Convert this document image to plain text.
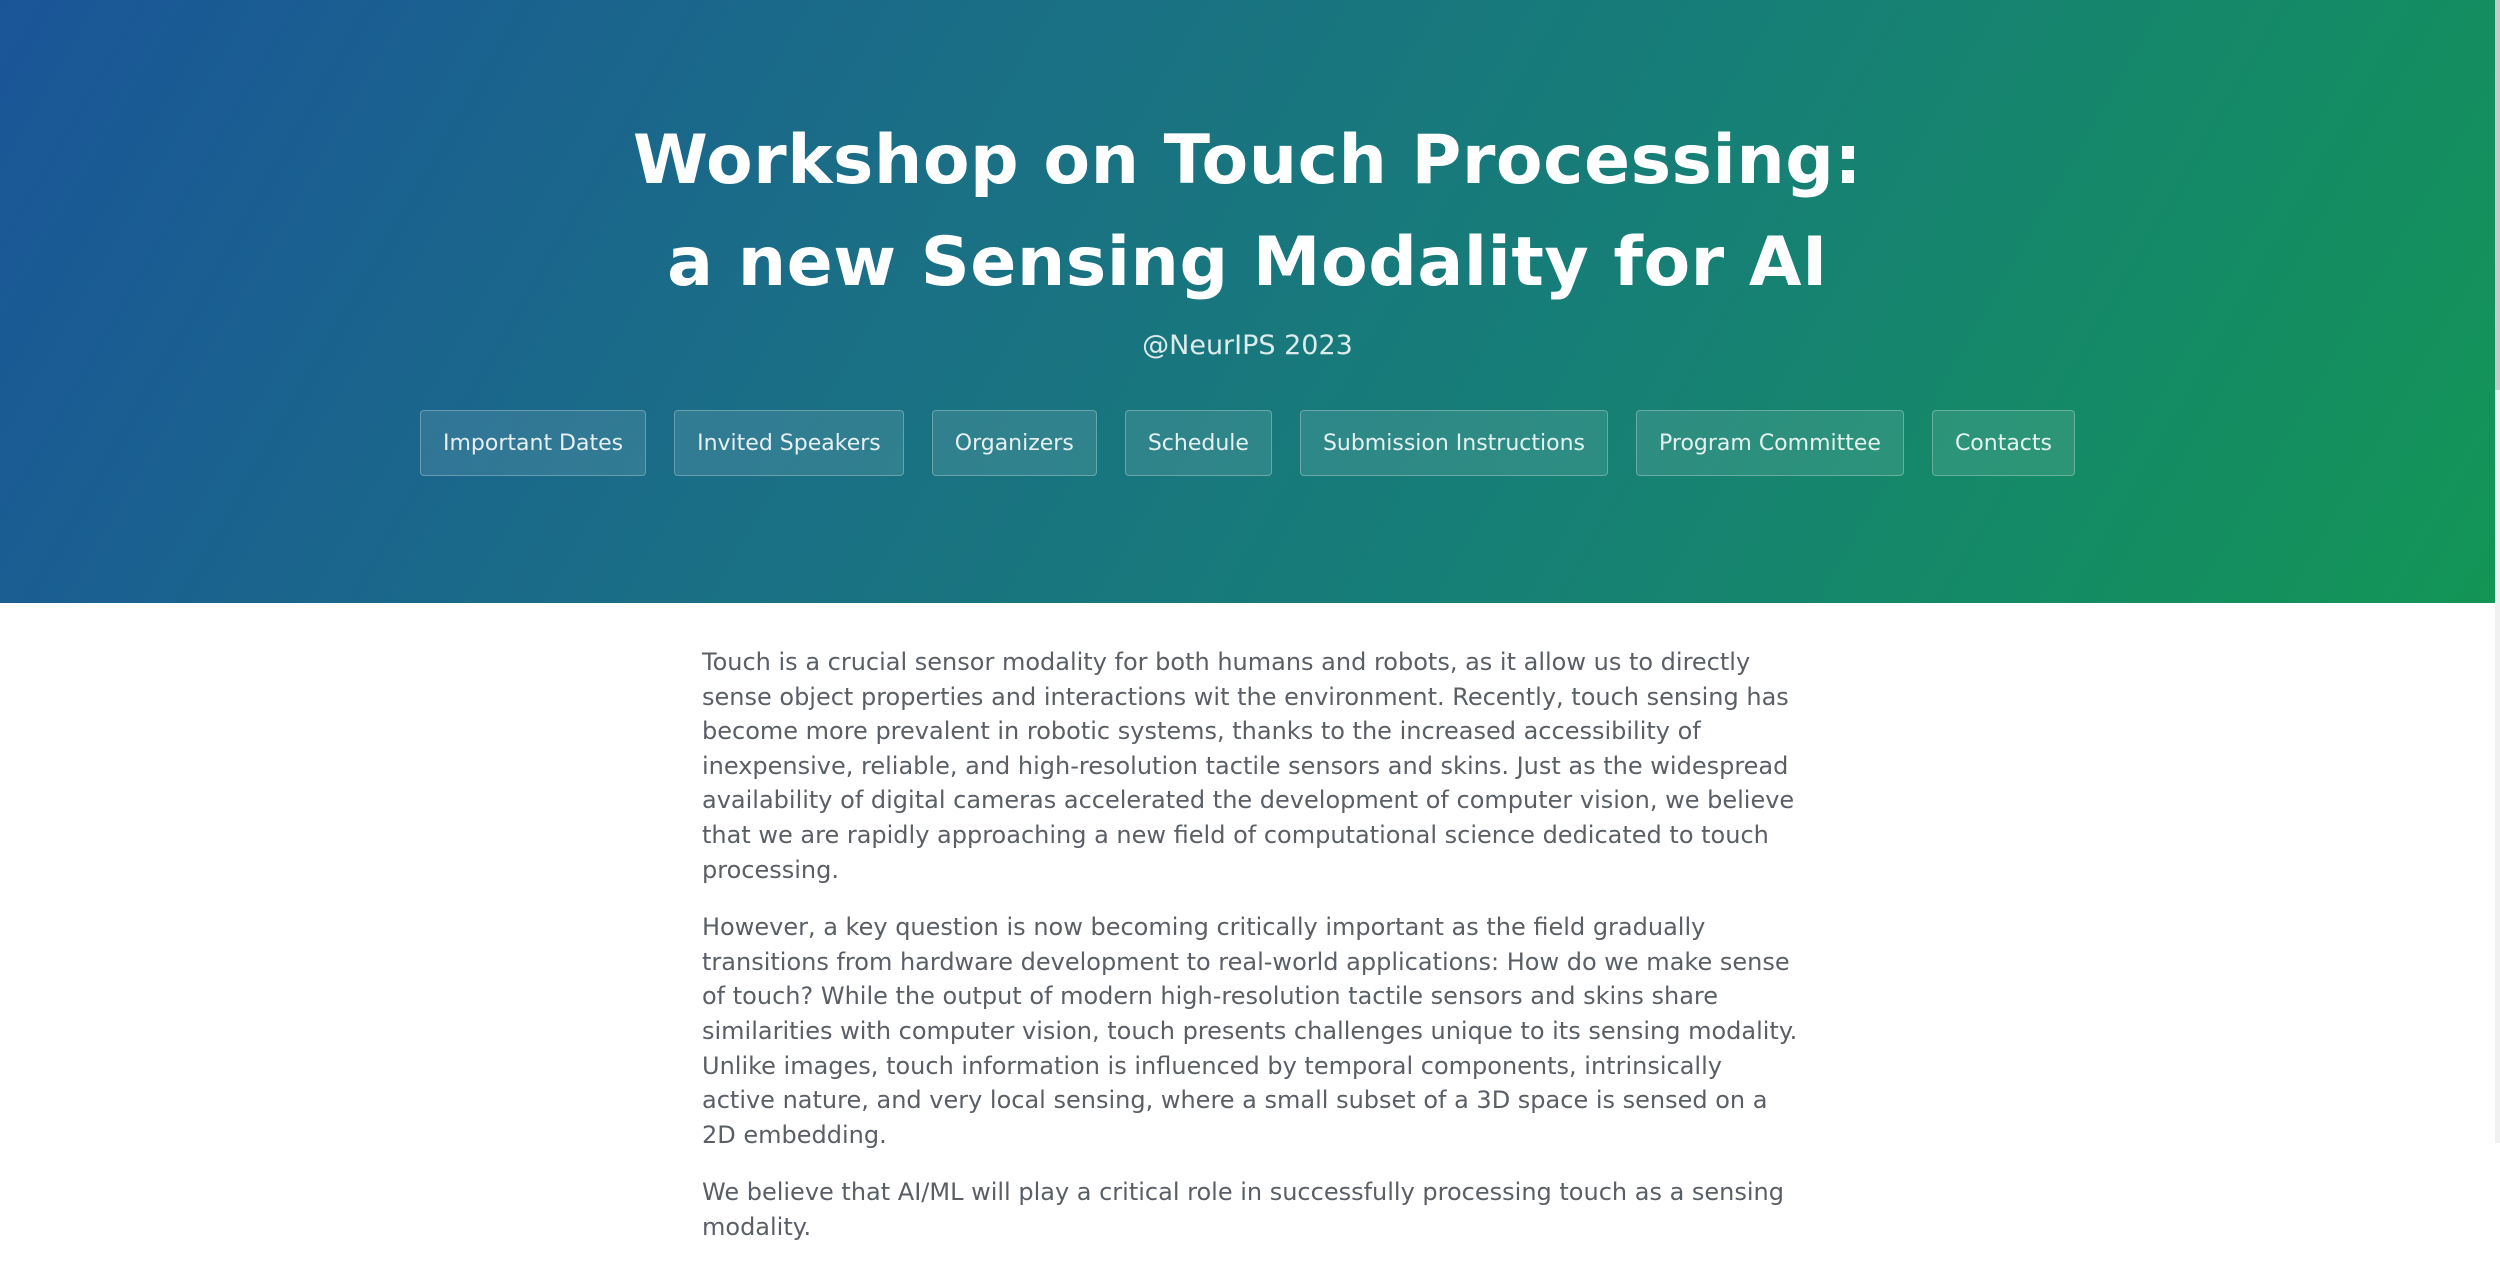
Workshop on Touch Processing:
a new Sensing Modality for AI
@NeurIPS 2023
Important Dates	Invited Speakers	Organizers	Schedule	Submission Instructions	Program Committee	Contacts

Touch is a crucial sensor modality for both humans and robots, as it allow us to directly sense object properties and interactions wit the environment. Recently, touch sensing has become more prevalent in robotic systems, thanks to the increased accessibility of inexpensive, reliable, and high-resolution tactile sensors and skins. Just as the widespread availability of digital cameras accelerated the development of computer vision, we believe that we are rapidly approaching a new field of computational science dedicated to touch processing.

However, a key question is now becoming critically important as the field gradually transitions from hardware development to real-world applications: How do we make sense of touch? While the output of modern high-resolution tactile sensors and skins share similarities with computer vision, touch presents challenges unique to its sensing modality. Unlike images, touch information is influenced by temporal components, intrinsically active nature, and very local sensing, where a small subset of a 3D space is sensed on a 2D embedding.

We believe that AI/ML will play a critical role in successfully processing touch as a sensing modality.
